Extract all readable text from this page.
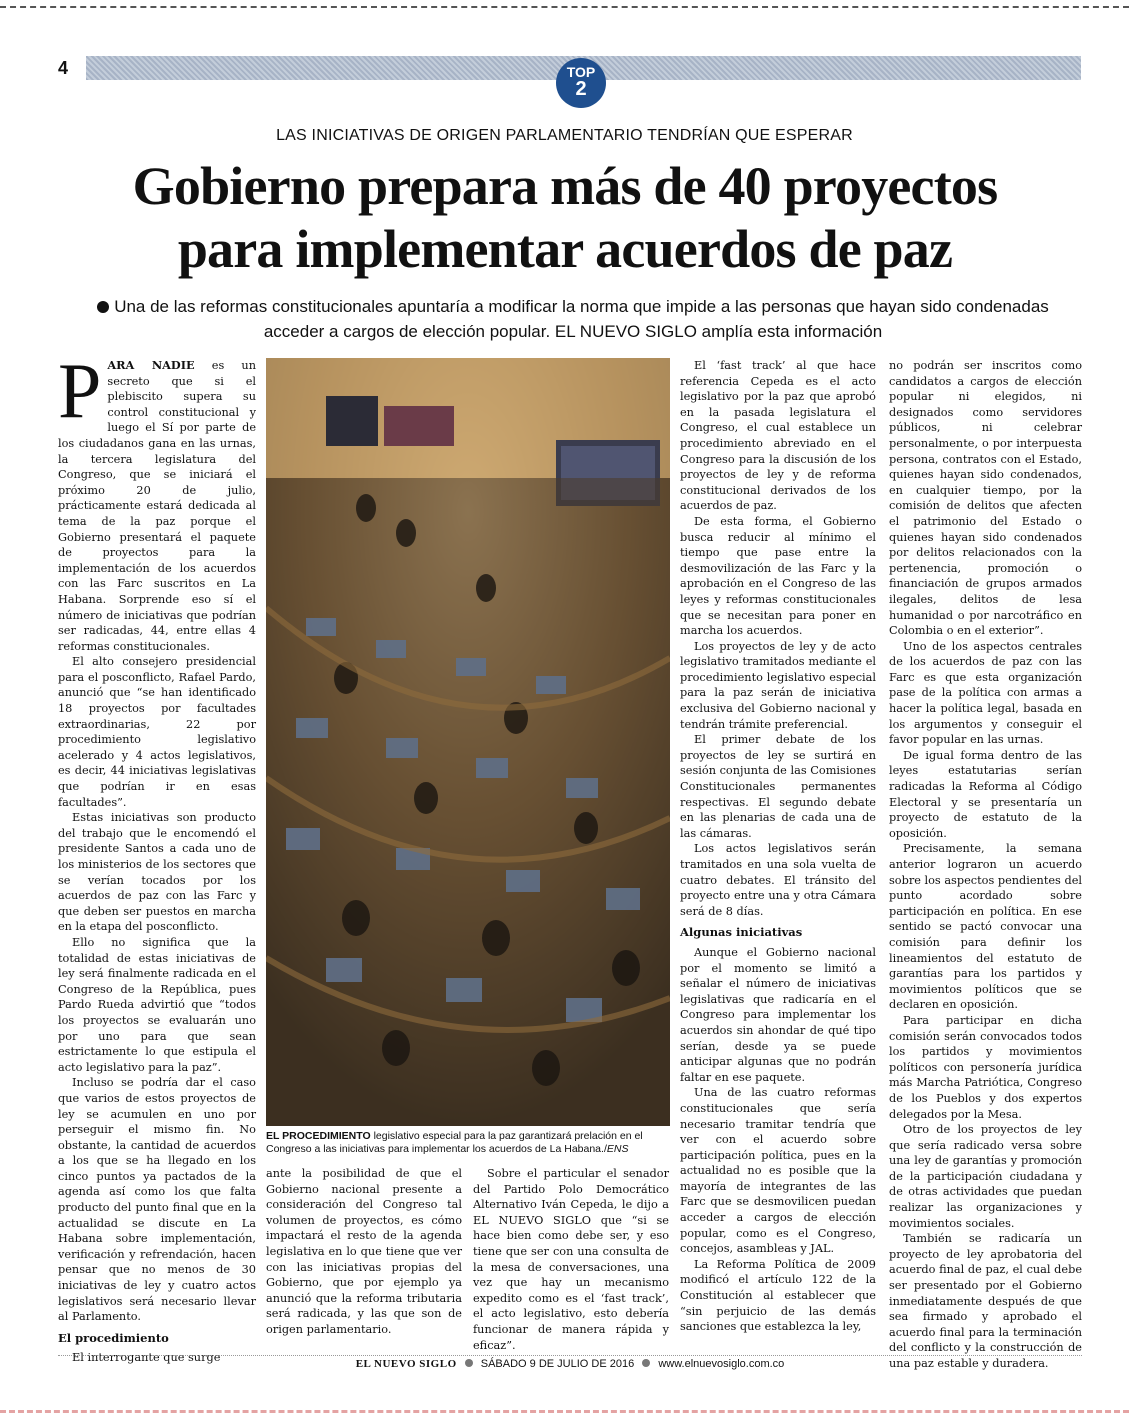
4	TOP
2
LAS INICIATIVAS DE ORIGEN PARLAMENTARIO TENDRÍAN QUE ESPERAR
Gobierno prepara más de 40 proyectos
para implementar acuerdos de paz
Una de las reformas constitucionales apuntaría a modificar la norma que impide a las personas que hayan sido condenadas acceder a cargos de elección popular. EL NUEVO SIGLO amplía esta información

PARA NADIE es un secreto que si el plebiscito supera su control constitucional y luego el Sí por parte de los ciudadanos gana en las urnas, la tercera legislatura del Congreso, que se iniciará el próximo 20 de julio, prácticamente estará dedicada al tema de la paz porque el Gobierno presentará el paquete de proyectos para la implementación de los acuerdos con las Farc suscritos en La Habana. Sorprende eso sí el número de iniciativas que podrían ser radicadas, 44, entre ellas 4 reformas constitucionales.

El alto consejero presidencial para el posconflicto, Rafael Pardo, anunció que “se han identificado 18 proyectos por facultades extraordinarias, 22 por procedimiento legislativo acelerado y 4 actos legislativos, es decir, 44 iniciativas legislativas que podrían ir en esas facultades”.

Estas iniciativas son producto del trabajo que le encomendó el presidente Santos a cada uno de los ministerios de los sectores que se verían tocados por los acuerdos de paz con las Farc y que deben ser puestos en marcha en la etapa del posconflicto.

Ello no significa que la totalidad de estas iniciativas de ley será finalmente radicada en el Congreso de la República, pues Pardo Rueda advirtió que “todos los proyectos se evaluarán uno por uno para que sean estrictamente lo que estipula el acto legislativo para la paz”.

Incluso se podría dar el caso que varios de estos proyectos de ley se acumulen en uno por perseguir el mismo fin. No obstante, la cantidad de acuerdos a los que se ha llegado en los cinco puntos ya pactados de la agenda así como los que falta producto del punto final que en la actualidad se discute en La Habana sobre implementación, verificación y refrendación, hacen pensar que no menos de 30 iniciativas de ley y cuatro actos legislativos será necesario llevar al Parlamento.

El procedimiento

El interrogante que surge

EL PROCEDIMIENTO legislativo especial para la paz garantizará prelación en el Congreso a las iniciativas para implementar los acuerdos de La Habana./ENS

ante la posibilidad de que el Gobierno nacional presente a consideración del Congreso tal volumen de proyectos, es cómo impactará el resto de la agenda legislativa en lo que tiene que ver con las iniciativas propias del Gobierno, que por ejemplo ya anunció que la reforma tributaria será radicada, y las que son de origen parlamentario.

Sobre el particular el senador del Partido Polo Democrático Alternativo Iván Cepeda, le dijo a EL NUEVO SIGLO que “si se hace bien como debe ser, y eso tiene que ser con una consulta de la mesa de conversaciones, una vez que hay un mecanismo expedito como es el ‘fast track’, el acto legislativo, esto debería funcionar de manera rápida y eficaz”.

El ‘fast track’ al que hace referencia Cepeda es el acto legislativo por la paz que aprobó en la pasada legislatura el Congreso, el cual establece un procedimiento abreviado en el Congreso para la discusión de los proyectos de ley y de reforma constitucional derivados de los acuerdos de paz.

De esta forma, el Gobierno busca reducir al mínimo el tiempo que pase entre la desmovilización de las Farc y la aprobación en el Congreso de las leyes y reformas constitucionales que se necesitan para poner en marcha los acuerdos.

Los proyectos de ley y de acto legislativo tramitados mediante el procedimiento legislativo especial para la paz serán de iniciativa exclusiva del Gobierno nacional y tendrán trámite preferencial.

El primer debate de los proyectos de ley se surtirá en sesión conjunta de las Comisiones Constitucionales permanentes respectivas. El segundo debate en las plenarias de cada una de las cámaras.

Los actos legislativos serán tramitados en una sola vuelta de cuatro debates. El tránsito del proyecto entre una y otra Cámara será de 8 días.

Algunas iniciativas

Aunque el Gobierno nacional por el momento se limitó a señalar el número de iniciativas legislativas que radicaría en el Congreso para implementar los acuerdos sin ahondar de qué tipo serían, desde ya se puede anticipar algunas que no podrán faltar en ese paquete.

Una de las cuatro reformas constitucionales que sería necesario tramitar tendría que ver con el acuerdo sobre participación política, pues en la actualidad no es posible que la mayoría de integrantes de las Farc que se desmovilicen puedan acceder a cargos de elección popular, como es el Congreso, concejos, asambleas y JAL.

La Reforma Política de 2009 modificó el artículo 122 de la Constitución al establecer que “sin perjuicio de las demás sanciones que establezca la ley,

no podrán ser inscritos como candidatos a cargos de elección popular ni elegidos, ni designados como servidores públicos, ni celebrar personalmente, o por interpuesta persona, contratos con el Estado, quienes hayan sido condenados, en cualquier tiempo, por la comisión de delitos que afecten el patrimonio del Estado o quienes hayan sido condenados por delitos relacionados con la pertenencia, promoción o financiación de grupos armados ilegales, delitos de lesa humanidad o por narcotráfico en Colombia o en el exterior”.

Uno de los aspectos centrales de los acuerdos de paz con las Farc es que esta organización pase de la política con armas a hacer la política legal, basada en los argumentos y conseguir el favor popular en las urnas.

De igual forma dentro de las leyes estatutarias serían radicadas la Reforma al Código Electoral y se presentaría un proyecto de estatuto de la oposición.

Precisamente, la semana anterior lograron un acuerdo sobre los aspectos pendientes del punto acordado sobre participación en política. En ese sentido se pactó convocar una comisión para definir los lineamientos del estatuto de garantías para los partidos y movimientos políticos que se declaren en oposición.

Para participar en dicha comisión serán convocados todos los partidos y movimientos políticos con personería jurídica más Marcha Patriótica, Congreso de los Pueblos y dos expertos delegados por la Mesa.

Otro de los proyectos de ley que sería radicado versa sobre una ley de garantías y promoción de la participación ciudadana y de otras actividades que puedan realizar las organizaciones y movimientos sociales.

También se radicaría un proyecto de ley aprobatoria del acuerdo final de paz, el cual debe ser presentado por el Gobierno inmediatamente después de que sea firmado y aprobado el acuerdo final para la terminación del conflicto y la construcción de una paz estable y duradera.

EL NUEVO SIGLO SÁBADO 9 DE JULIO DE 2016 www.elnuevosiglo.com.co
